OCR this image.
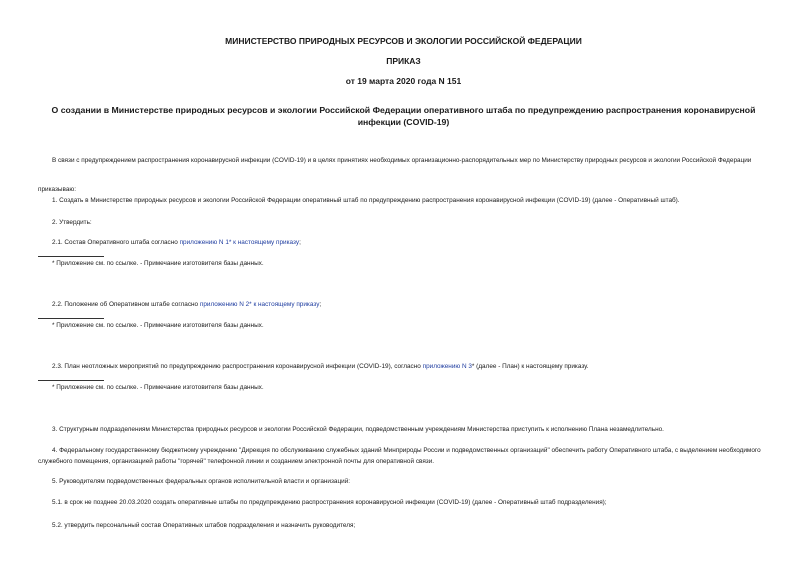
МИНИСТЕРСТВО ПРИРОДНЫХ РЕСУРСОВ И ЭКОЛОГИИ РОССИЙСКОЙ ФЕДЕРАЦИИ
ПРИКАЗ
от 19 марта 2020 года N 151
О создании в Министерстве природных ресурсов и экологии Российской Федерации оперативного штаба по предупреждению распространения коронавирусной инфекции (COVID-19)
В связи с предупреждением распространения коронавирусной инфекции (COVID-19) и в целях принятиях необходимых организационно-распорядительных мер по Министерству природных ресурсов и экологии Российской Федерации
приказываю:
1. Создать в Министерстве природных ресурсов и экологии Российской Федерации оперативный штаб по предупреждению распространения коронавирусной инфекции (COVID-19) (далее - Оперативный штаб).
2. Утвердить:
2.1. Состав Оперативного штаба согласно приложению N 1* к настоящему приказу;
* Приложение см. по ссылке. - Примечание изготовителя базы данных.
2.2. Положение об Оперативном штабе согласно приложению N 2* к настоящему приказу;
* Приложение см. по ссылке. - Примечание изготовителя базы данных.
2.3. План неотложных мероприятий по предупреждению распространения коронавирусной инфекции (COVID-19), согласно приложению N 3* (далее - План) к настоящему приказу.
* Приложение см. по ссылке. - Примечание изготовителя базы данных.
3. Структурным подразделениям Министерства природных ресурсов и экологии Российской Федерации, подведомственным учреждениям Министерства приступить к исполнению Плана незамедлительно.
4. Федеральному государственному бюджетному учреждению "Дирекция по обслуживанию служебных зданий Минприроды России и подведомственных организаций" обеспечить работу Оперативного штаба, с выделением необходимого служебного помещения, организацией работы "горячей" телефонной линии и созданием электронной почты для оперативной связи.
5. Руководителям подведомственных федеральных органов исполнительной власти и организаций:
5.1. в срок не позднее 20.03.2020 создать оперативные штабы по предупреждению распространения коронавирусной инфекции (COVID-19) (далее - Оперативный штаб подразделения);
5.2. утвердить персональный состав Оперативных штабов подразделения и назначить руководителя;
